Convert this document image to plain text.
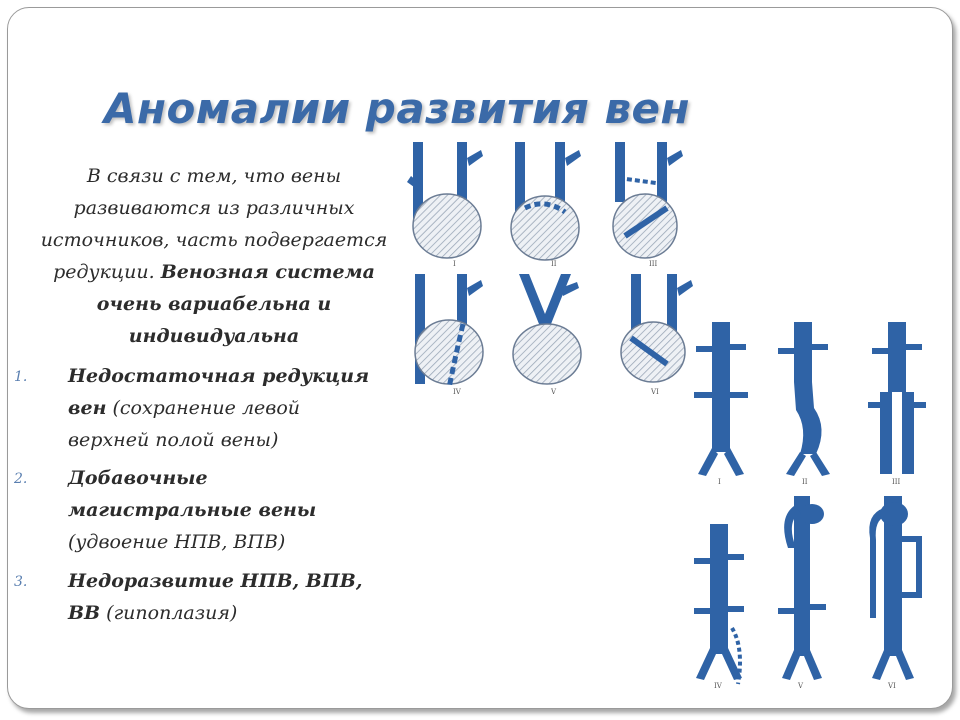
Аномалии развития вен
В связи с тем, что вены
развиваются из различных
источников, часть подвергается
редукции. Венозная система
очень вариабельна и
индивидуальна
1.	Недостаточная редукция
вен (сохранение левой
верхней полой вены)
2.	Добавочные
магистральные вены
(удвоение НПВ, ВПВ)
3.	Недоразвитие НПВ, ВПВ,
ВВ (гипоплазия)
I	II	III
IV	V	VI
I	II	III
IV	V	VI
